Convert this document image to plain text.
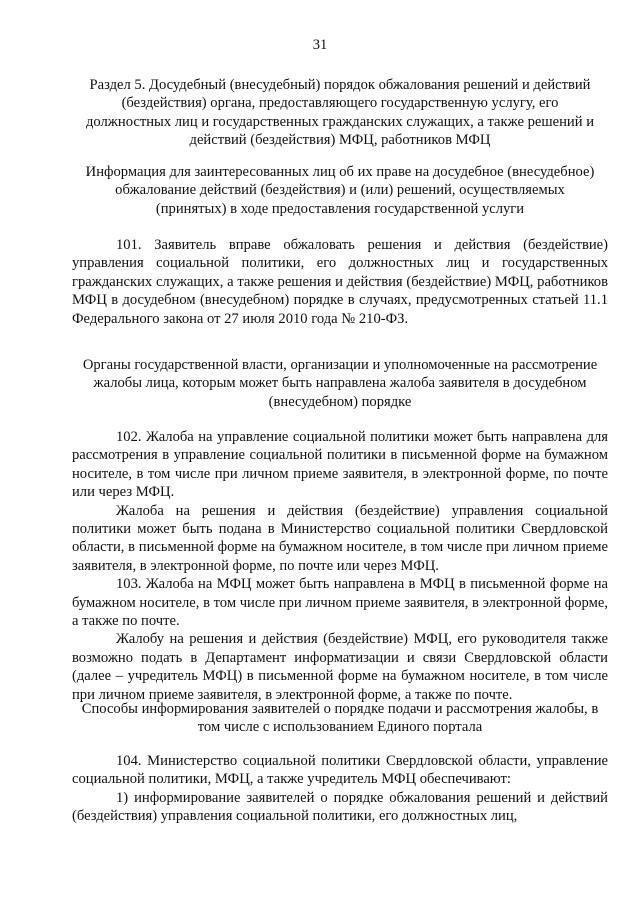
31
Раздел 5. Досудебный (внесудебный) порядок обжалования решений и действий (бездействия) органа, предоставляющего государственную услугу, его должностных лиц и государственных гражданских служащих, а также решений и действий (бездействия) МФЦ, работников МФЦ
Информация для заинтересованных лиц об их праве на досудебное (внесудебное) обжалование действий (бездействия) и (или) решений, осуществляемых (принятых) в ходе предоставления государственной услуги

101. Заявитель вправе обжаловать решения и действия (бездействие) управления социальной политики, его должностных лиц и государственных гражданских служащих, а также решения и действия (бездействие) МФЦ, работников МФЦ в досудебном (внесудебном) порядке в случаях, предусмотренных статьей 11.1 Федерального закона от 27 июля 2010 года № 210-ФЗ.

Органы государственной власти, организации и уполномоченные на рассмотрение жалобы лица, которым может быть направлена жалоба заявителя в досудебном (внесудебном) порядке

102. Жалоба на управление социальной политики может быть направлена для рассмотрения в управление социальной политики в письменной форме на бумажном носителе, в том числе при личном приеме заявителя, в электронной форме, по почте или через МФЦ.

Жалоба на решения и действия (бездействие) управления социальной политики может быть подана в Министерство социальной политики Свердловской области, в письменной форме на бумажном носителе, в том числе при личном приеме заявителя, в электронной форме, по почте или через МФЦ.

103. Жалоба на МФЦ может быть направлена в МФЦ в письменной форме на бумажном носителе, в том числе при личном приеме заявителя, в электронной форме, а также по почте.

Жалобу на решения и действия (бездействие) МФЦ, его руководителя также возможно подать в Департамент информатизации и связи Свердловской области (далее – учредитель МФЦ) в письменной форме на бумажном носителе, в том числе при личном приеме заявителя, в электронной форме, а также по почте.

Способы информирования заявителей о порядке подачи и рассмотрения жалобы, в том числе с использованием Единого портала

104. Министерство социальной политики Свердловской области, управление социальной политики, МФЦ, а также учредитель МФЦ обеспечивают:

1) информирование заявителей о порядке обжалования решений и действий (бездействия) управления социальной политики, его должностных лиц,
